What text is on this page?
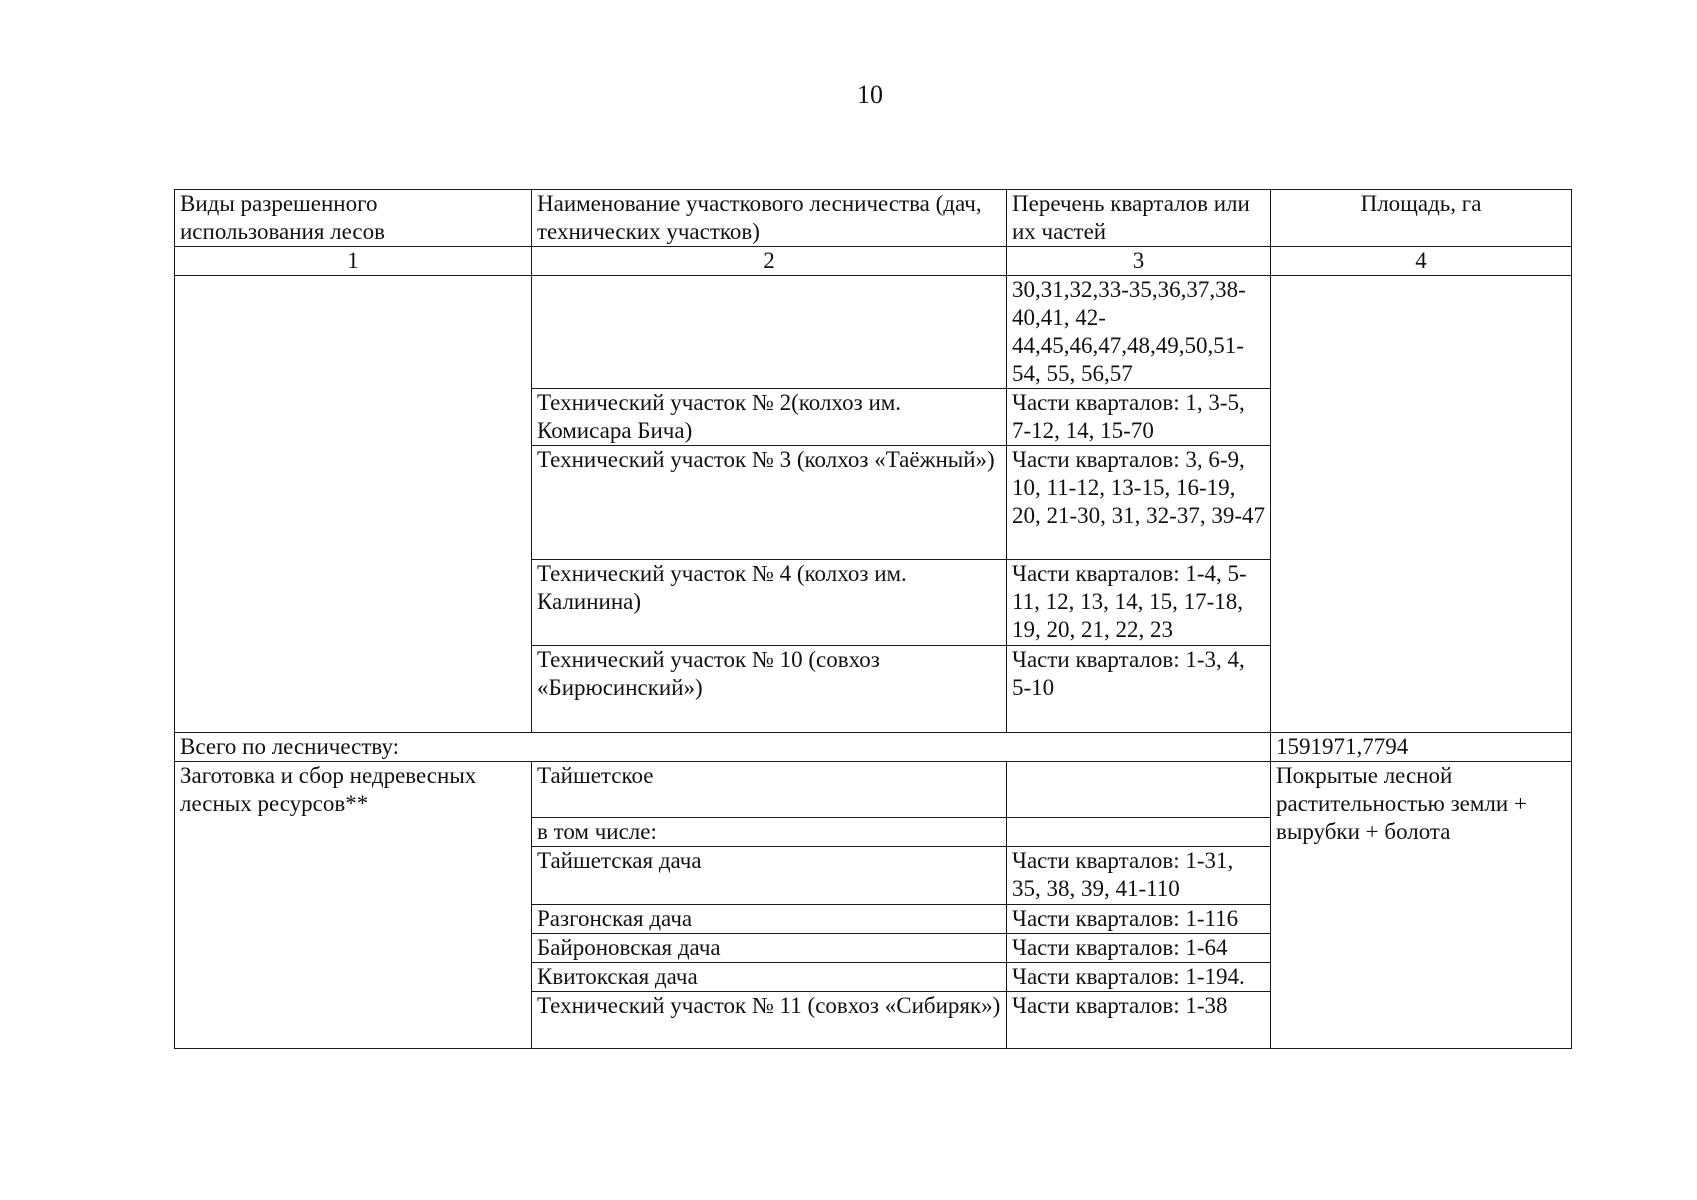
10
Виды разрешенного использования лесов	Наименование участкового лесничества (дач, технических участков)	Перечень кварталов или их частей	Площадь, га
1	2	3	4
		30,31,32,33-35,36,37,38-40,41, 42-44,45,46,47,48,49,50,51-54, 55, 56,57	
	Технический участок № 2(колхоз им. Комисара Бича)	Части кварталов: 1, 3-5, 7-12, 14, 15-70	
	Технический участок № 3 (колхоз «Таёжный»)	Части кварталов: 3, 6-9, 10, 11-12, 13-15, 16-19, 20, 21-30, 31, 32-37, 39-47	
	Технический участок № 4 (колхоз им. Калинина)	Части кварталов: 1-4, 5-11, 12, 13, 14, 15, 17-18, 19, 20, 21, 22, 23	
	Технический участок № 10 (совхоз «Бирюсинский»)	Части кварталов: 1-3, 4, 5-10	
Всего по лесничеству:			1591971,7794
Заготовка и сбор недревесных лесных ресурсов**	Тайшетское		Покрытые лесной растительностью земли + вырубки + болота
	в том числе:		
	Тайшетская дача	Части кварталов: 1-31, 35, 38, 39, 41-110	
	Разгонская дача	Части кварталов: 1-116	
	Байроновская дача	Части кварталов: 1-64	
	Квитокская дача	Части кварталов: 1-194.	
	Технический участок № 11 (совхоз «Сибиряк»)	Части кварталов: 1-38	
